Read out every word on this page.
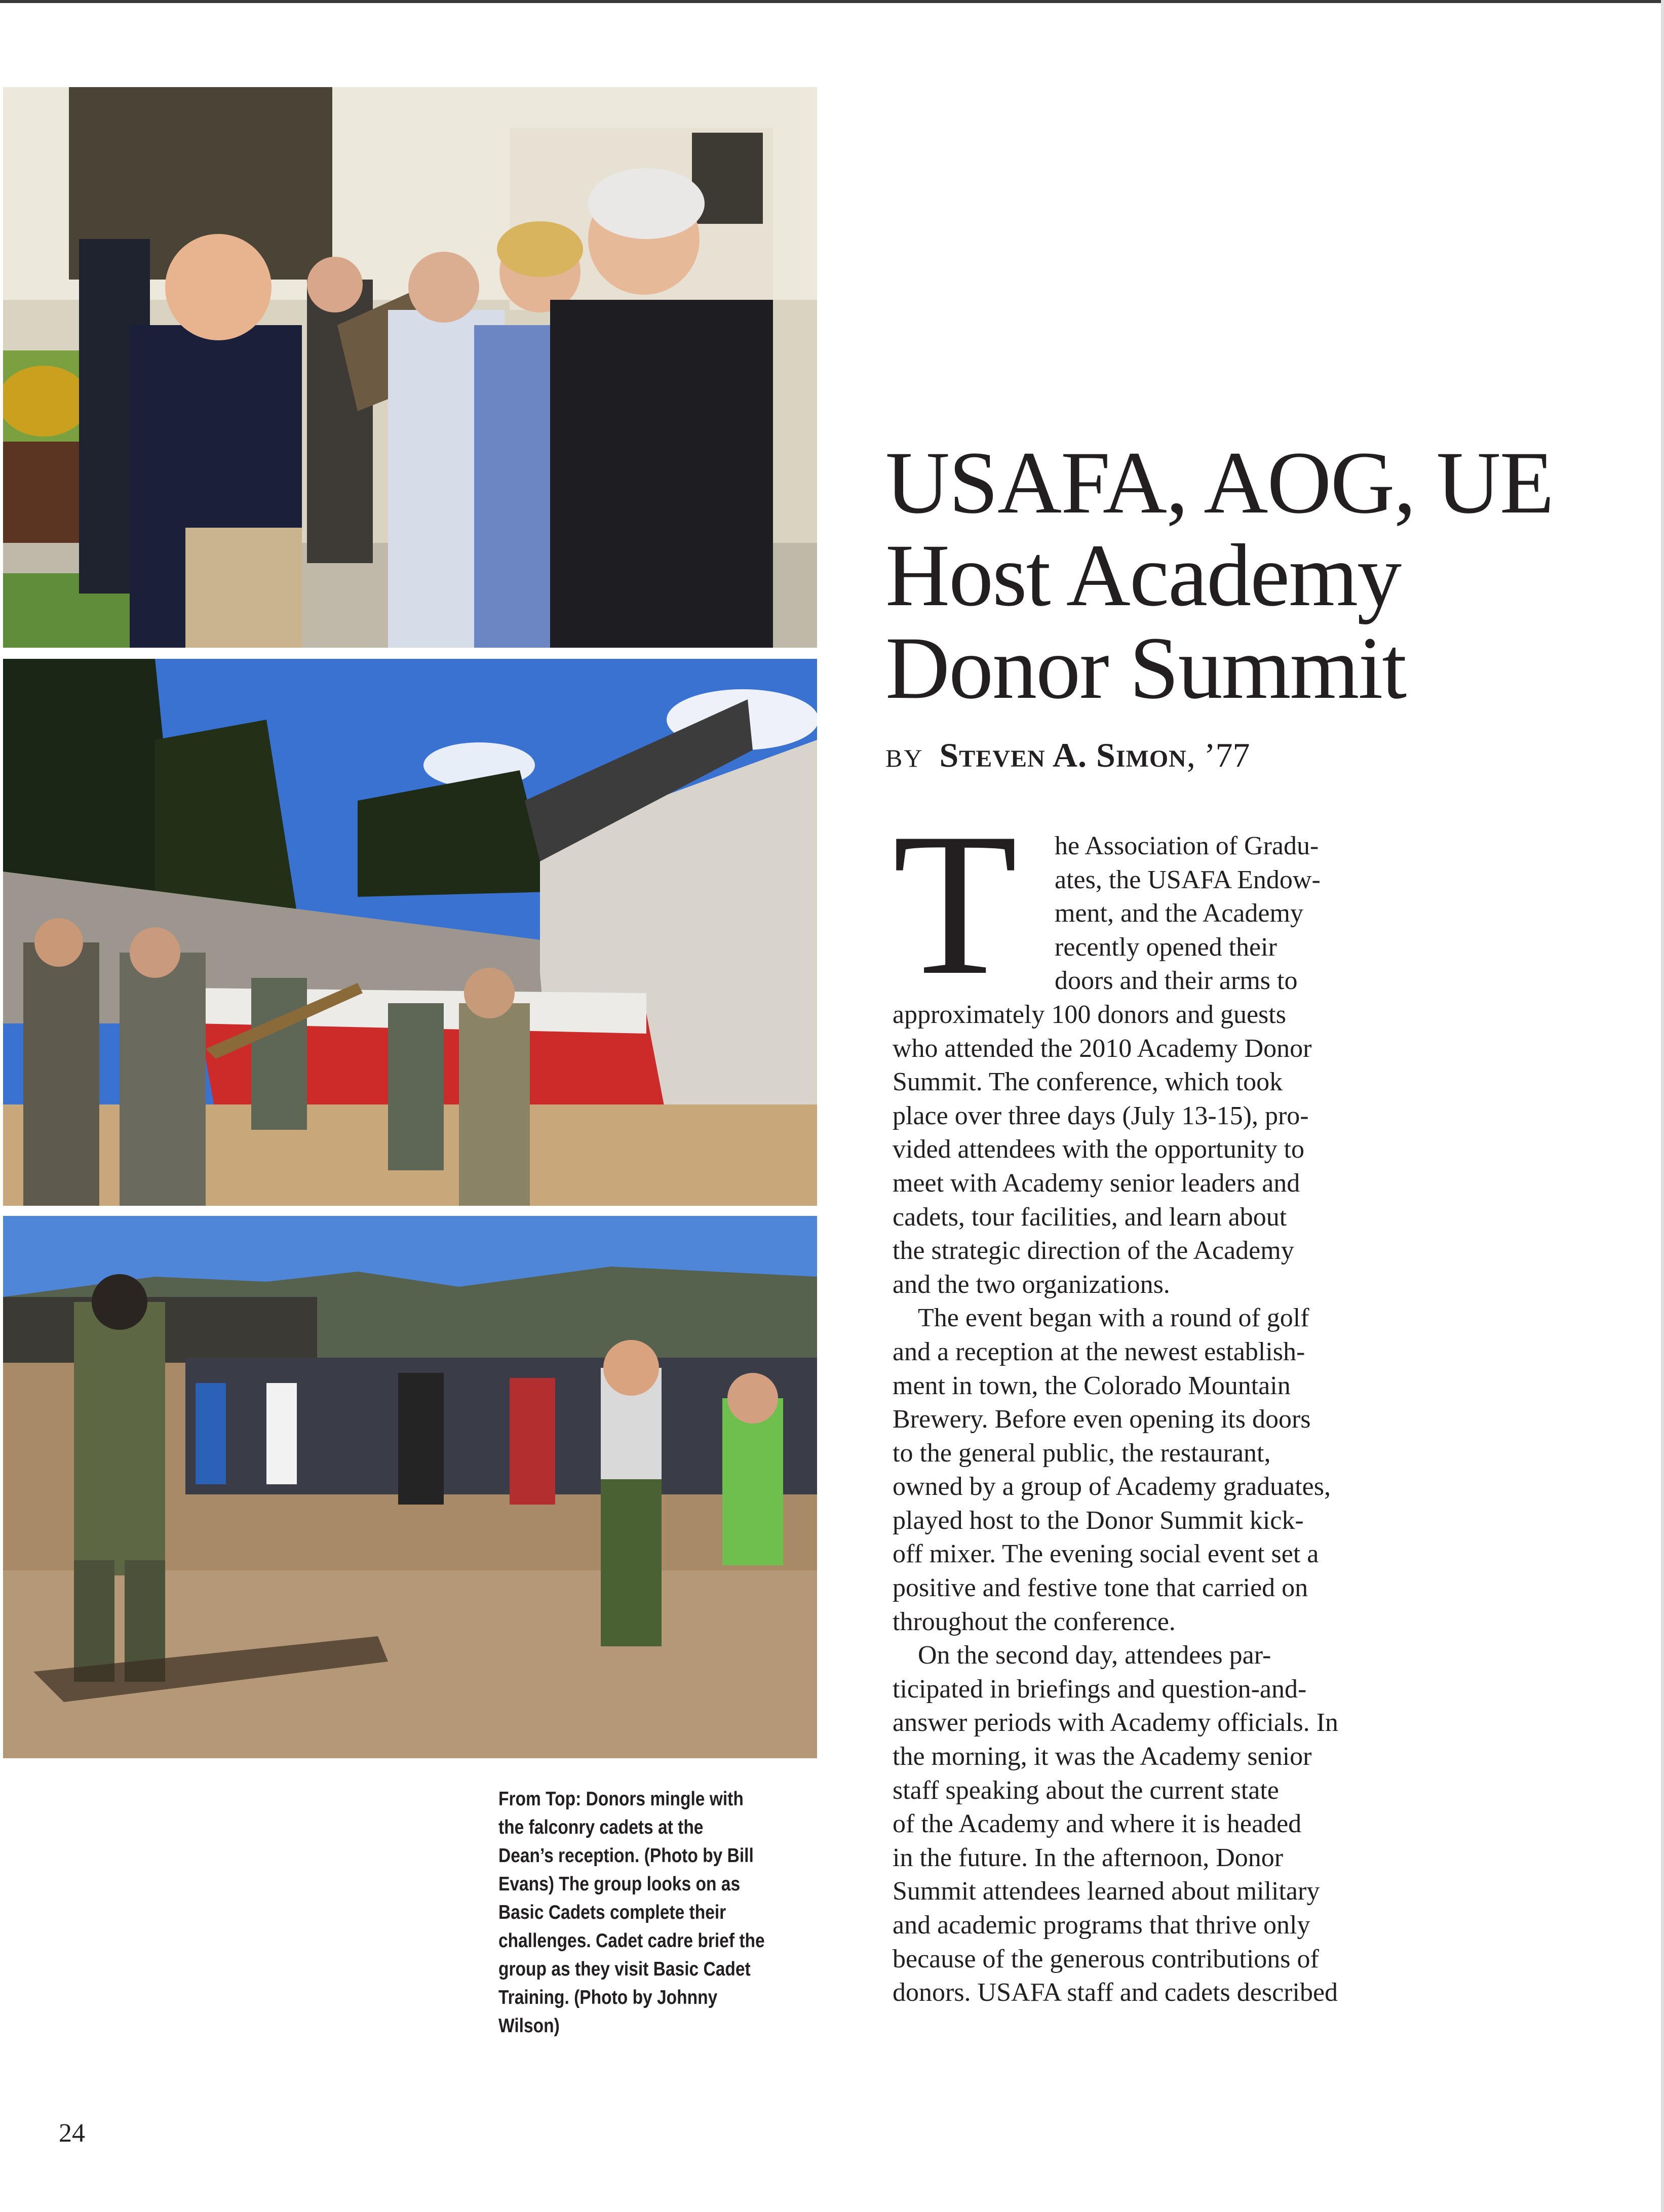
From Top: Donors mingle with
the falconry cadets at the
Dean’s reception. (Photo by Bill
Evans) The group looks on as
Basic Cadets complete their
challenges. Cadet cadre brief the
group as they visit Basic Cadet
Training. (Photo by Johnny Wilson)
USAFA, AOG, UE
Host Academy
Donor Summit
BY Steven A. Simon, ’77
T	he Association of Gradu-
ates, the USAFA Endow-
ment, and the Academy
recently opened their
doors and their arms to
approximately 100 donors and guests
who attended the 2010 Academy Donor
Summit. The conference, which took
place over three days (July 13-15), pro-
vided attendees with the opportunity to
meet with Academy senior leaders and
cadets, tour facilities, and learn about
the strategic direction of the Academy
and the two organizations.
The event began with a round of golf
and a reception at the newest establish-
ment in town, the Colorado Mountain
Brewery. Before even opening its doors
to the general public, the restaurant,
owned by a group of Academy graduates,
played host to the Donor Summit kick-
off mixer. The evening social event set a
positive and festive tone that carried on
throughout the conference.
On the second day, attendees par-
ticipated in briefings and question-and-
answer periods with Academy officials. In
the morning, it was the Academy senior
staff speaking about the current state
of the Academy and where it is headed
in the future. In the afternoon, Donor
Summit attendees learned about military
and academic programs that thrive only
because of the generous contributions of
donors. USAFA staff and cadets described
24
